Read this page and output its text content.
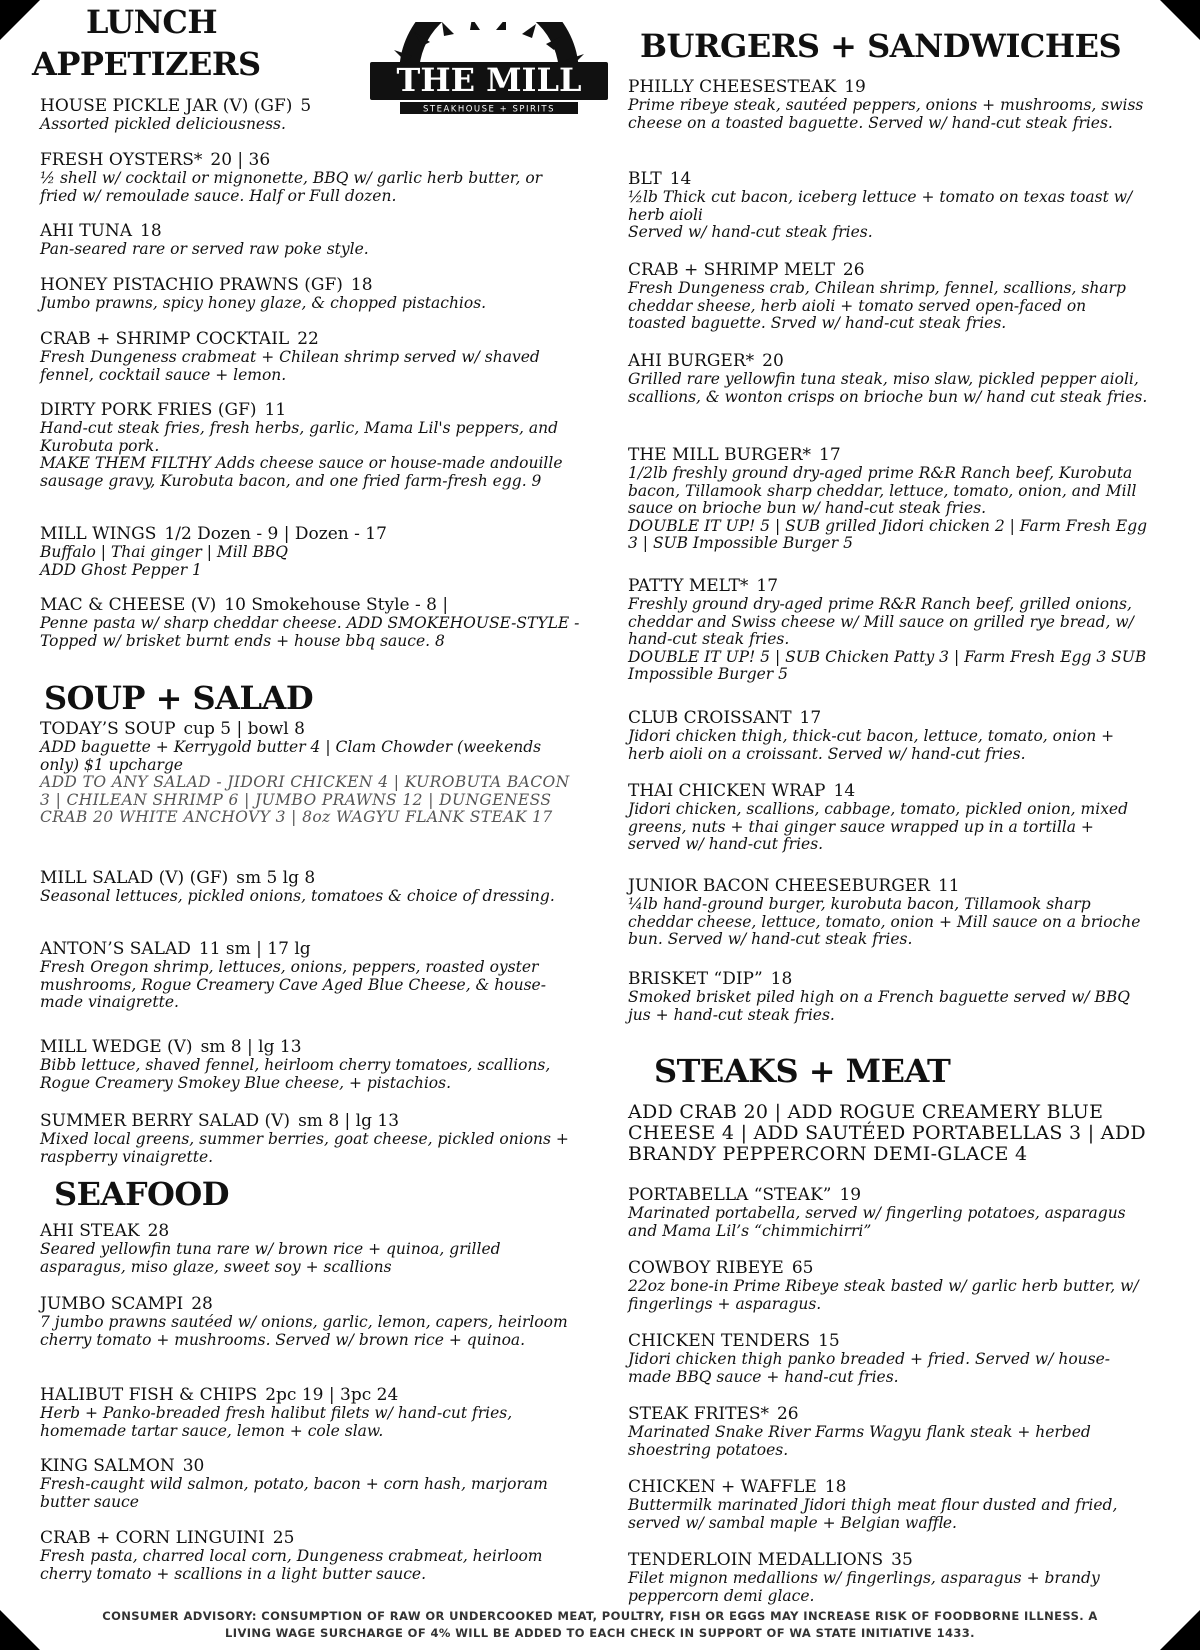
THE MILL
STEAKHOUSE + SPIRITS
LUNCH
APPETIZERS
HOUSE PICKLE JAR (V) (GF) 5
Assorted pickled deliciousness.
FRESH OYSTERS* 20 | 36
½ shell w/ cocktail or mignonette, BBQ w/ garlic herb butter, or fried w/ remoulade sauce. Half or Full dozen.
AHI TUNA 18
Pan-seared rare or served raw poke style.
HONEY PISTACHIO PRAWNS (GF) 18
Jumbo prawns, spicy honey glaze, & chopped pistachios.
CRAB + SHRIMP COCKTAIL 22
Fresh Dungeness crabmeat + Chilean shrimp served w/ shaved fennel, cocktail sauce + lemon.
DIRTY PORK FRIES (GF) 11
Hand-cut steak fries, fresh herbs, garlic, Mama Lil's peppers, and Kurobuta pork.
MAKE THEM FILTHY Adds cheese sauce or house-made andouille sausage gravy, Kurobuta bacon, and one fried farm-fresh egg. 9
MILL WINGS 1/2 Dozen - 9 | Dozen - 17
Buffalo | Thai ginger | Mill BBQ
ADD Ghost Pepper 1
MAC & CHEESE (V) 10 Smokehouse Style - 8 |
Penne pasta w/ sharp cheddar cheese. ADD SMOKEHOUSE-STYLE - Topped w/ brisket burnt ends + house bbq sauce. 8
SOUP + SALAD
TODAY’S SOUP cup 5 | bowl 8
ADD baguette + Kerrygold butter 4 | Clam Chowder (weekends only) $1 upcharge
ADD TO ANY SALAD - JIDORI CHICKEN 4 | KUROBUTA BACON 3 | CHILEAN SHRIMP 6 | JUMBO PRAWNS 12 | DUNGENESS CRAB 20 WHITE ANCHOVY 3 | 8oz WAGYU FLANK STEAK 17
MILL SALAD (V) (GF) sm 5 lg 8
Seasonal lettuces, pickled onions, tomatoes & choice of dressing.
ANTON’S SALAD 11 sm | 17 lg
Fresh Oregon shrimp, lettuces, onions, peppers, roasted oyster mushrooms, Rogue Creamery Cave Aged Blue Cheese, & house-made vinaigrette.
MILL WEDGE (V) sm 8 | lg 13
Bibb lettuce, shaved fennel, heirloom cherry tomatoes, scallions, Rogue Creamery Smokey Blue cheese, + pistachios.
SUMMER BERRY SALAD (V) sm 8 | lg 13
Mixed local greens, summer berries, goat cheese, pickled onions + raspberry vinaigrette.
SEAFOOD
AHI STEAK 28
Seared yellowfin tuna rare w/ brown rice + quinoa, grilled asparagus, miso glaze, sweet soy + scallions
JUMBO SCAMPI 28
7 jumbo prawns sautéed w/ onions, garlic, lemon, capers, heirloom cherry tomato + mushrooms. Served w/ brown rice + quinoa.
HALIBUT FISH & CHIPS 2pc 19 | 3pc 24
Herb + Panko-breaded fresh halibut filets w/ hand-cut fries, homemade tartar sauce, lemon + cole slaw.
KING SALMON 30
Fresh-caught wild salmon, potato, bacon + corn hash, marjoram butter sauce
CRAB + CORN LINGUINI 25
Fresh pasta, charred local corn, Dungeness crabmeat, heirloom cherry tomato + scallions in a light butter sauce.
BURGERS + SANDWICHES
PHILLY CHEESESTEAK 19
Prime ribeye steak, sautéed peppers, onions + mushrooms, swiss cheese on a toasted baguette. Served w/ hand-cut steak fries.
BLT 14
½lb Thick cut bacon, iceberg lettuce + tomato on texas toast w/ herb aioli
Served w/ hand-cut steak fries.
CRAB + SHRIMP MELT 26
Fresh Dungeness crab, Chilean shrimp, fennel, scallions, sharp cheddar sheese, herb aioli + tomato served open-faced on toasted baguette. Srved w/ hand-cut steak fries.
AHI BURGER* 20
Grilled rare yellowfin tuna steak, miso slaw, pickled pepper aioli, scallions, & wonton crisps on brioche bun w/ hand cut steak fries.
THE MILL BURGER* 17
1/2lb freshly ground dry-aged prime R&R Ranch beef, Kurobuta bacon, Tillamook sharp cheddar, lettuce, tomato, onion, and Mill sauce on brioche bun w/ hand-cut steak fries.
DOUBLE IT UP! 5 | SUB grilled Jidori chicken 2 | Farm Fresh Egg 3 | SUB Impossible Burger 5
PATTY MELT* 17
Freshly ground dry-aged prime R&R Ranch beef, grilled onions, cheddar and Swiss cheese w/ Mill sauce on grilled rye bread, w/ hand-cut steak fries.
DOUBLE IT UP! 5 | SUB Chicken Patty 3 | Farm Fresh Egg 3 SUB Impossible Burger 5
CLUB CROISSANT 17
Jidori chicken thigh, thick-cut bacon, lettuce, tomato, onion + herb aioli on a croissant. Served w/ hand-cut fries.
THAI CHICKEN WRAP 14
Jidori chicken, scallions, cabbage, tomato, pickled onion, mixed greens, nuts + thai ginger sauce wrapped up in a tortilla + served w/ hand-cut fries.
JUNIOR BACON CHEESEBURGER 11
¼lb hand-ground burger, kurobuta bacon, Tillamook sharp cheddar cheese, lettuce, tomato, onion + Mill sauce on a brioche bun. Served w/ hand-cut steak fries.
BRISKET “DIP” 18
Smoked brisket piled high on a French baguette served w/ BBQ jus + hand-cut steak fries.
STEAKS + MEAT
ADD CRAB 20 | ADD ROGUE CREAMERY BLUE CHEESE 4 | ADD SAUTÉED PORTABELLAS 3 | ADD BRANDY PEPPERCORN DEMI-GLACE 4
PORTABELLA “STEAK” 19
Marinated portabella, served w/ fingerling potatoes, asparagus and Mama Lil’s “chimmichirri”
COWBOY RIBEYE 65
22oz bone-in Prime Ribeye steak basted w/ garlic herb butter, w/ fingerlings + asparagus.
CHICKEN TENDERS 15
Jidori chicken thigh panko breaded + fried. Served w/ house-made BBQ sauce + hand-cut fries.
STEAK FRITES* 26
Marinated Snake River Farms Wagyu flank steak + herbed shoestring potatoes.
CHICKEN + WAFFLE 18
Buttermilk marinated Jidori thigh meat flour dusted and fried, served w/ sambal maple + Belgian waffle.
TENDERLOIN MEDALLIONS 35
Filet mignon medallions w/ fingerlings, asparagus + brandy peppercorn demi glace.
CONSUMER ADVISORY: CONSUMPTION OF RAW OR UNDERCOOKED MEAT, POULTRY, FISH OR EGGS MAY INCREASE RISK OF FOODBORNE ILLNESS. A
LIVING WAGE SURCHARGE OF 4% WILL BE ADDED TO EACH CHECK IN SUPPORT OF WA STATE INITIATIVE 1433.
